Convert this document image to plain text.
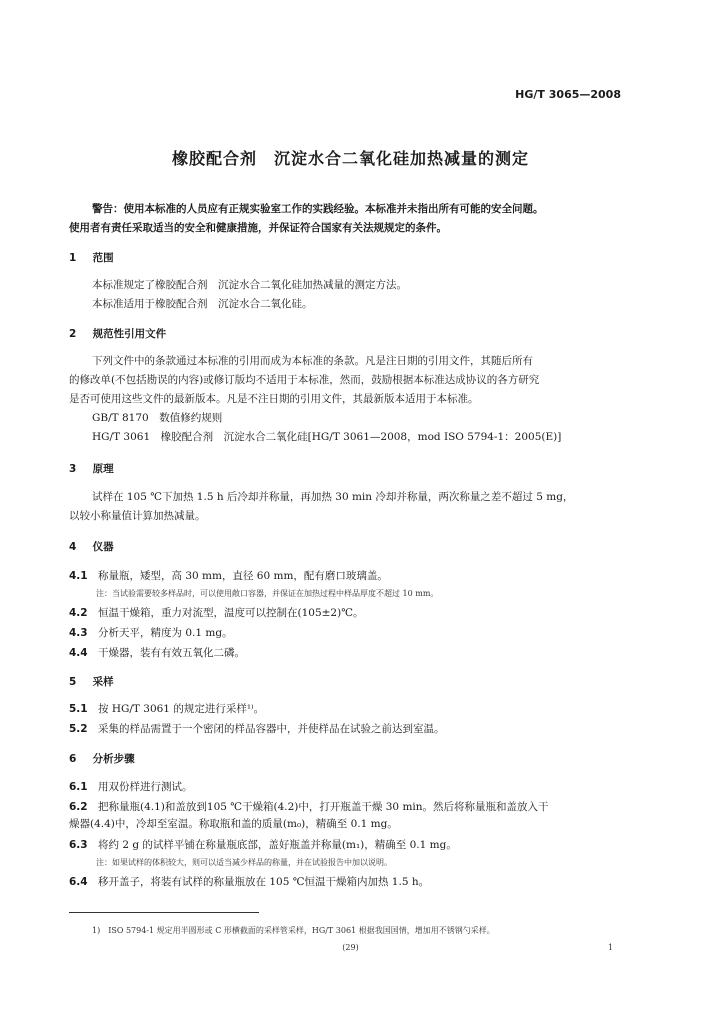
HG/T 3065—2008
橡胶配合剂　沉淀水合二氧化硅加热减量的测定
警告：使用本标准的人员应有正规实验室工作的实践经验。本标准并未指出所有可能的安全问题。
使用者有责任采取适当的安全和健康措施，并保证符合国家有关法规规定的条件。
1 范围
本标准规定了橡胶配合剂　沉淀水合二氧化硅加热减量的测定方法。
本标准适用于橡胶配合剂　沉淀水合二氧化硅。
2 规范性引用文件
下列文件中的条款通过本标准的引用而成为本标准的条款。凡是注日期的引用文件，其随后所有
的修改单(不包括勘误的内容)或修订版均不适用于本标准，然而，鼓励根据本标准达成协议的各方研究
是否可使用这些文件的最新版本。凡是不注日期的引用文件，其最新版本适用于本标准。
GB/T 8170　数值修约规则
HG/T 3061　橡胶配合剂　沉淀水合二氧化硅[HG/T 3061—2008，mod ISO 5794-1：2005(E)]
3 原理
试样在 105 ℃下加热 1.5 h 后冷却并称量，再加热 30 min 冷却并称量，两次称量之差不超过 5 mg，
以较小称量值计算加热减量。
4 仪器
4.1 称量瓶，矮型，高 30 mm，直径 60 mm，配有磨口玻璃盖。
注：当试验需要较多样品时，可以使用敞口容器，并保证在加热过程中样品厚度不超过 10 mm。
4.2 恒温干燥箱，重力对流型，温度可以控制在(105±2)℃。
4.3 分析天平，精度为 0.1 mg。
4.4 干燥器，装有有效五氧化二磷。
5 采样
5.1 按 HG/T 3061 的规定进行采样¹⁾。
5.2 采集的样品需置于一个密闭的样品容器中，并使样品在试验之前达到室温。
6 分析步骤
6.1 用双份样进行测试。
6.2 把称量瓶(4.1)和盖放到105 ℃干燥箱(4.2)中，打开瓶盖干燥 30 min。然后将称量瓶和盖放入干
燥器(4.4)中，冷却至室温。称取瓶和盖的质量(m₀)，精确至 0.1 mg。
6.3 将约 2 g 的试样平铺在称量瓶底部，盖好瓶盖并称量(m₁)，精确至 0.1 mg。
注：如果试样的体积较大，则可以适当减少样品的称量，并在试验报告中加以说明。
6.4 移开盖子，将装有试样的称量瓶放在 105 ℃恒温干燥箱内加热 1.5 h。
1)　ISO 5794-1 规定用半圆形或 C 形横截面的采样管采样，HG/T 3061 根据我国国情，增加用不锈钢勺采样。
(29)	1
